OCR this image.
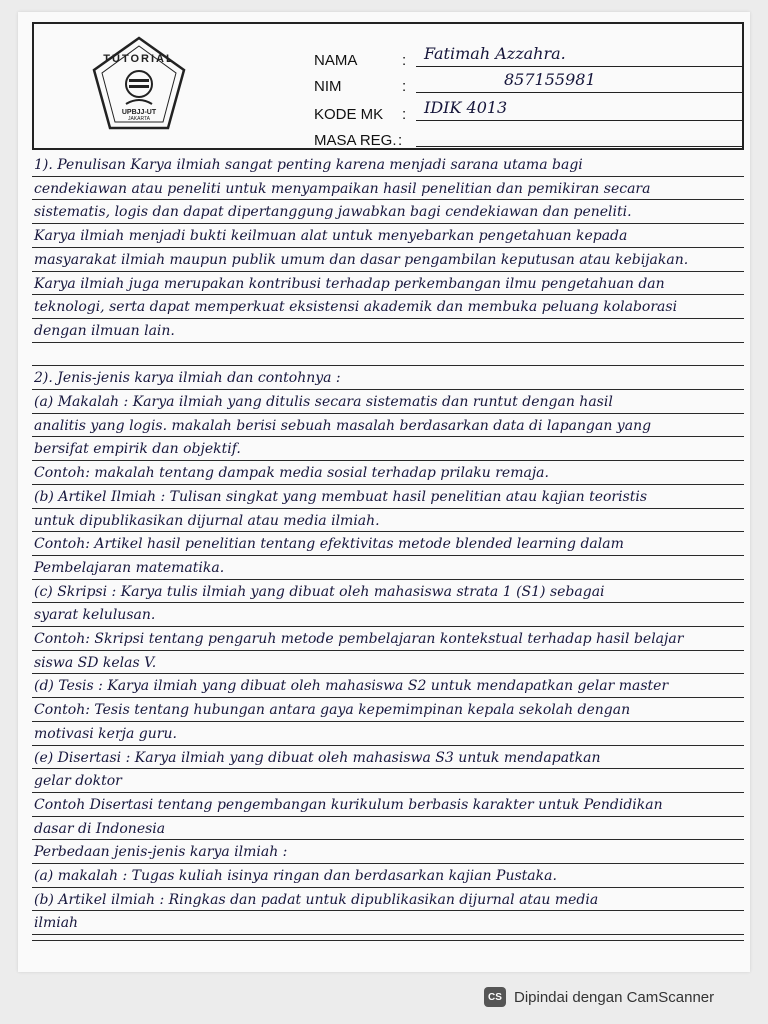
TUTORIAL
UPBJJ-UT
JAKARTA
NAMA	: Fatimah Azzahra.
NIM	:	857155981
KODE MK : IDIK 4013
MASA REG. :
1). Penulisan Karya ilmiah sangat penting karena menjadi sarana utama bagi
cendekiawan atau peneliti untuk menyampaikan hasil penelitian dan pemikiran secara
sistematis, logis dan dapat dipertanggung jawabkan bagi cendekiawan dan peneliti.
Karya ilmiah menjadi bukti keilmuan alat untuk menyebarkan pengetahuan kepada
masyarakat ilmiah maupun publik umum dan dasar pengambilan keputusan atau kebijakan.
Karya ilmiah juga merupakan kontribusi terhadap perkembangan ilmu pengetahuan dan
teknologi, serta dapat memperkuat eksistensi akademik dan membuka peluang kolaborasi
dengan ilmuan lain.
2). Jenis-jenis karya ilmiah dan contohnya :
(a) Makalah : Karya ilmiah yang ditulis secara sistematis dan runtut dengan hasil
analitis yang logis. makalah berisi sebuah masalah berdasarkan data di lapangan yang
bersifat empirik dan objektif.
Contoh: makalah tentang dampak media sosial terhadap prilaku remaja.
(b) Artikel Ilmiah : Tulisan singkat yang membuat hasil penelitian atau kajian teoristis
untuk dipublikasikan dijurnal atau media ilmiah.
Contoh: Artikel hasil penelitian tentang efektivitas metode blended learning dalam
Pembelajaran matematika.
(c) Skripsi : Karya tulis ilmiah yang dibuat oleh mahasiswa strata 1 (S1) sebagai
syarat kelulusan.
Contoh: Skripsi tentang pengaruh metode pembelajaran kontekstual terhadap hasil belajar
siswa SD kelas V.
(d) Tesis : Karya ilmiah yang dibuat oleh mahasiswa S2 untuk mendapatkan gelar master
Contoh: Tesis tentang hubungan antara gaya kepemimpinan kepala sekolah dengan
motivasi kerja guru.
(e) Disertasi : Karya ilmiah yang dibuat oleh mahasiswa S3 untuk mendapatkan
gelar doktor
Contoh Disertasi tentang pengembangan kurikulum berbasis karakter untuk Pendidikan
dasar di Indonesia
Perbedaan jenis-jenis karya ilmiah :
(a) makalah : Tugas kuliah isinya ringan dan berdasarkan kajian Pustaka.
(b) Artikel ilmiah : Ringkas dan padat untuk dipublikasikan dijurnal atau media
ilmiah
CS Dipindai dengan CamScanner
